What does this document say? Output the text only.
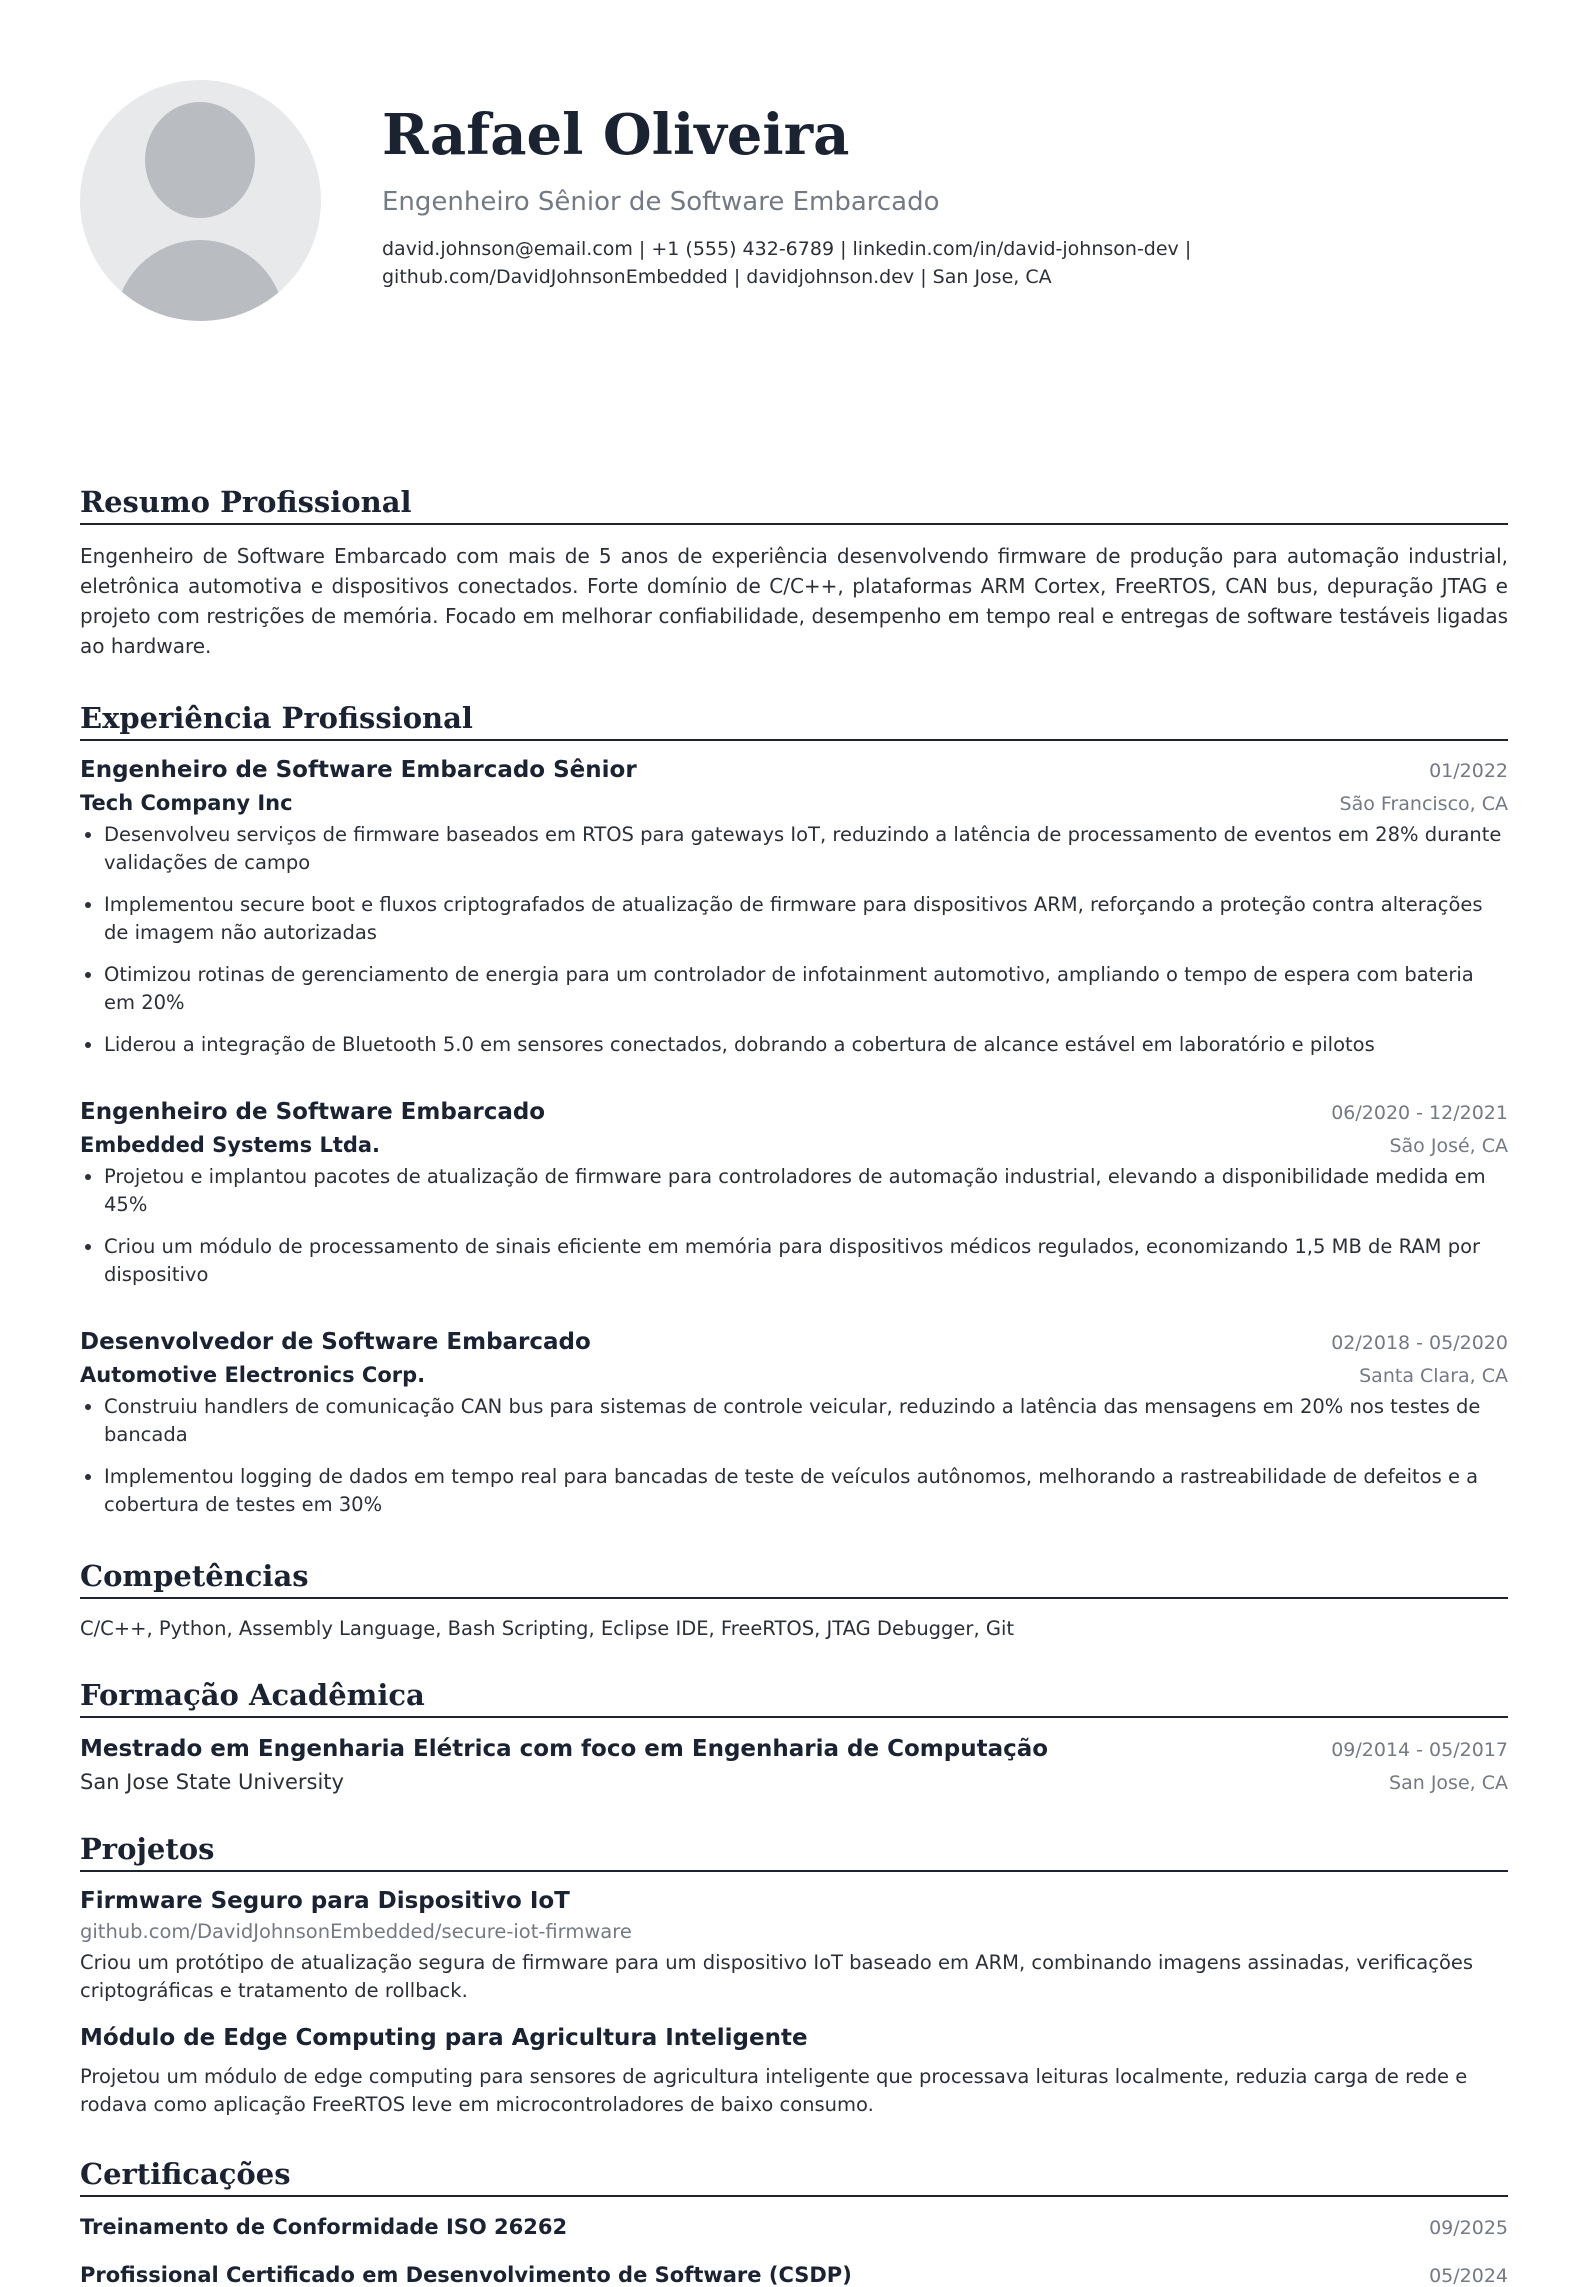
Rafael Oliveira
Engenheiro Sênior de Software Embarcado
david.johnson@email.com | +1 (555) 432-6789 | linkedin.com/in/david-johnson-dev |
github.com/DavidJohnsonEmbedded | davidjohnson.dev | San Jose, CA
Resumo Profissional
Engenheiro de Software Embarcado com mais de 5 anos de experiência desenvolvendo firmware de produção para automação industrial, eletrônica automotiva e dispositivos conectados. Forte domínio de C/C++, plataformas ARM Cortex, FreeRTOS, CAN bus, depuração JTAG e projeto com restrições de memória. Focado em melhorar confiabilidade, desempenho em tempo real e entregas de software testáveis ligadas ao hardware.
Experiência Profissional
Engenheiro de Software Embarcado Sênior	01/2022
Tech Company Inc	São Francisco, CA
• Desenvolveu serviços de firmware baseados em RTOS para gateways IoT, reduzindo a latência de processamento de eventos em 28% durante validações de campo
• Implementou secure boot e fluxos criptografados de atualização de firmware para dispositivos ARM, reforçando a proteção contra alterações de imagem não autorizadas
• Otimizou rotinas de gerenciamento de energia para um controlador de infotainment automotivo, ampliando o tempo de espera com bateria em 20%
• Liderou a integração de Bluetooth 5.0 em sensores conectados, dobrando a cobertura de alcance estável em laboratório e pilotos
Engenheiro de Software Embarcado	06/2020 - 12/2021
Embedded Systems Ltda.	São José, CA
• Projetou e implantou pacotes de atualização de firmware para controladores de automação industrial, elevando a disponibilidade medida em 45%
• Criou um módulo de processamento de sinais eficiente em memória para dispositivos médicos regulados, economizando 1,5 MB de RAM por dispositivo
Desenvolvedor de Software Embarcado	02/2018 - 05/2020
Automotive Electronics Corp.	Santa Clara, CA
• Construiu handlers de comunicação CAN bus para sistemas de controle veicular, reduzindo a latência das mensagens em 20% nos testes de bancada
• Implementou logging de dados em tempo real para bancadas de teste de veículos autônomos, melhorando a rastreabilidade de defeitos e a cobertura de testes em 30%
Competências
C/C++, Python, Assembly Language, Bash Scripting, Eclipse IDE, FreeRTOS, JTAG Debugger, Git
Formação Acadêmica
Mestrado em Engenharia Elétrica com foco em Engenharia de Computação	09/2014 - 05/2017
San Jose State University	San Jose, CA
Projetos
Firmware Seguro para Dispositivo IoT
github.com/DavidJohnsonEmbedded/secure-iot-firmware
Criou um protótipo de atualização segura de firmware para um dispositivo IoT baseado em ARM, combinando imagens assinadas, verificações criptográficas e tratamento de rollback.
Módulo de Edge Computing para Agricultura Inteligente
Projetou um módulo de edge computing para sensores de agricultura inteligente que processava leituras localmente, reduzia carga de rede e rodava como aplicação FreeRTOS leve em microcontroladores de baixo consumo.
Certificações
Treinamento de Conformidade ISO 26262	09/2025
Profissional Certificado em Desenvolvimento de Software (CSDP)	05/2024
